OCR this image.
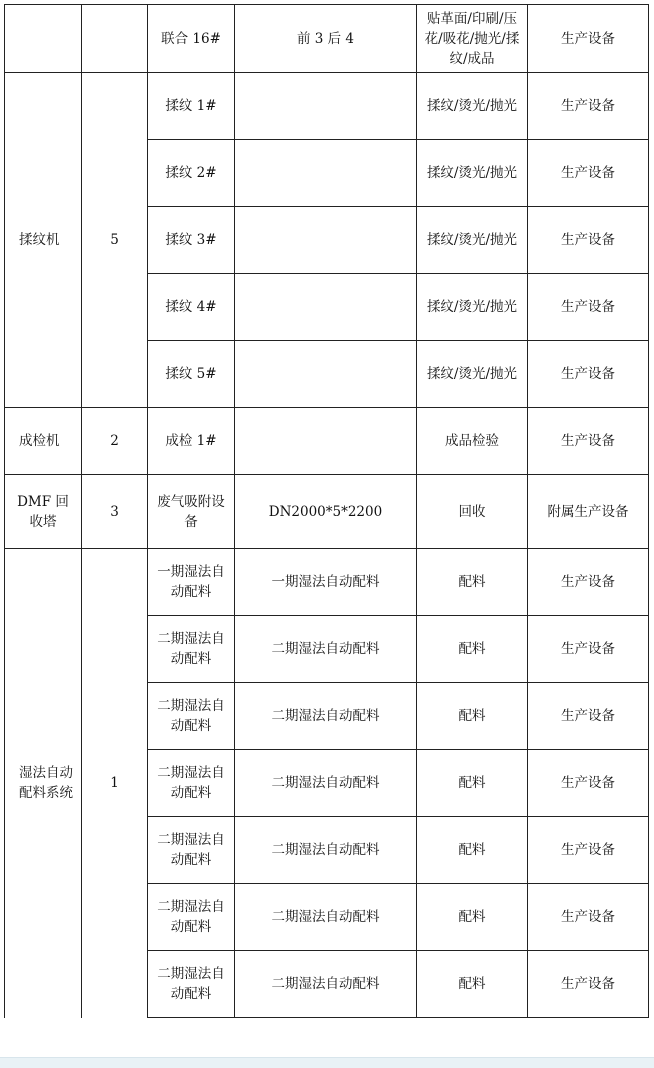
		联合 16#	前 3 后 4	贴革面/印刷/压花/吸花/抛光/揉纹/成品	生产设备
揉纹机	5	揉纹 1#		揉纹/烫光/抛光	生产设备
		揉纹 2#		揉纹/烫光/抛光	生产设备
		揉纹 3#		揉纹/烫光/抛光	生产设备
		揉纹 4#		揉纹/烫光/抛光	生产设备
		揉纹 5#		揉纹/烫光/抛光	生产设备
成检机	2	成检 1#		成品检验	生产设备
DMF 回收塔	3	废气吸附设备	DN2000*5*2200	回收	附属生产设备
湿法自动配料系统	1	一期湿法自动配料	一期湿法自动配料	配料	生产设备
		二期湿法自动配料	二期湿法自动配料	配料	生产设备
		二期湿法自动配料	二期湿法自动配料	配料	生产设备
		二期湿法自动配料	二期湿法自动配料	配料	生产设备
		二期湿法自动配料	二期湿法自动配料	配料	生产设备
		二期湿法自动配料	二期湿法自动配料	配料	生产设备
		二期湿法自动配料	二期湿法自动配料	配料	生产设备
